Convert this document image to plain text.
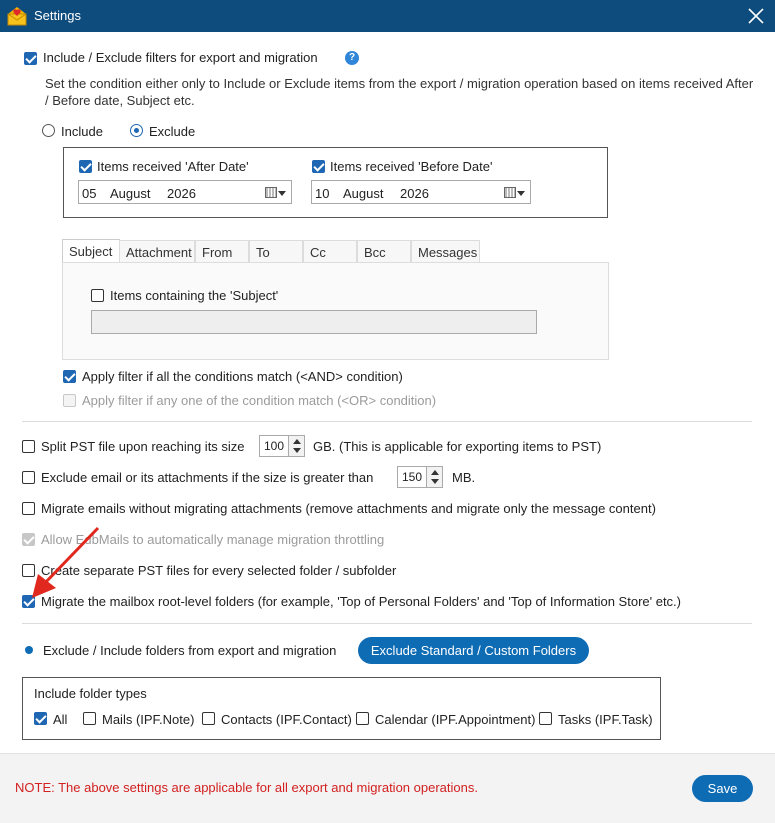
Settings
Include / Exclude filters for export and migration	?
Set the condition either only to Include or Exclude items from the export / migration operation based on items received After / Before date, Subject etc.
Include	Exclude
Items received 'After Date'
05 August 2026
Items received 'Before Date'
10 August 2026
Subject	Attachment From	To	Cc	Bcc	Messages
Items containing the 'Subject'
Apply filter if all the conditions match (<AND> condition)
Apply filter if any one of the condition match (<OR> condition)
Split PST file upon reaching its size 100 GB. (This is applicable for exporting items to PST)
Exclude email or its attachments if the size is greater than 150 MB.
Migrate emails without migrating attachments (remove attachments and migrate only the message content)
Allow EdbMails to automatically manage migration throttling
Create separate PST files for every selected folder / subfolder
Migrate the mailbox root-level folders (for example, 'Top of Personal Folders' and 'Top of Information Store' etc.)
Exclude / Include folders from export and migration	Exclude Standard / Custom Folders
Include folder types
All	Mails (IPF.Note) Contacts (IPF.Contact) Calendar (IPF.Appointment) Tasks (IPF.Task)
NOTE: The above settings are applicable for all export and migration operations.	Save
